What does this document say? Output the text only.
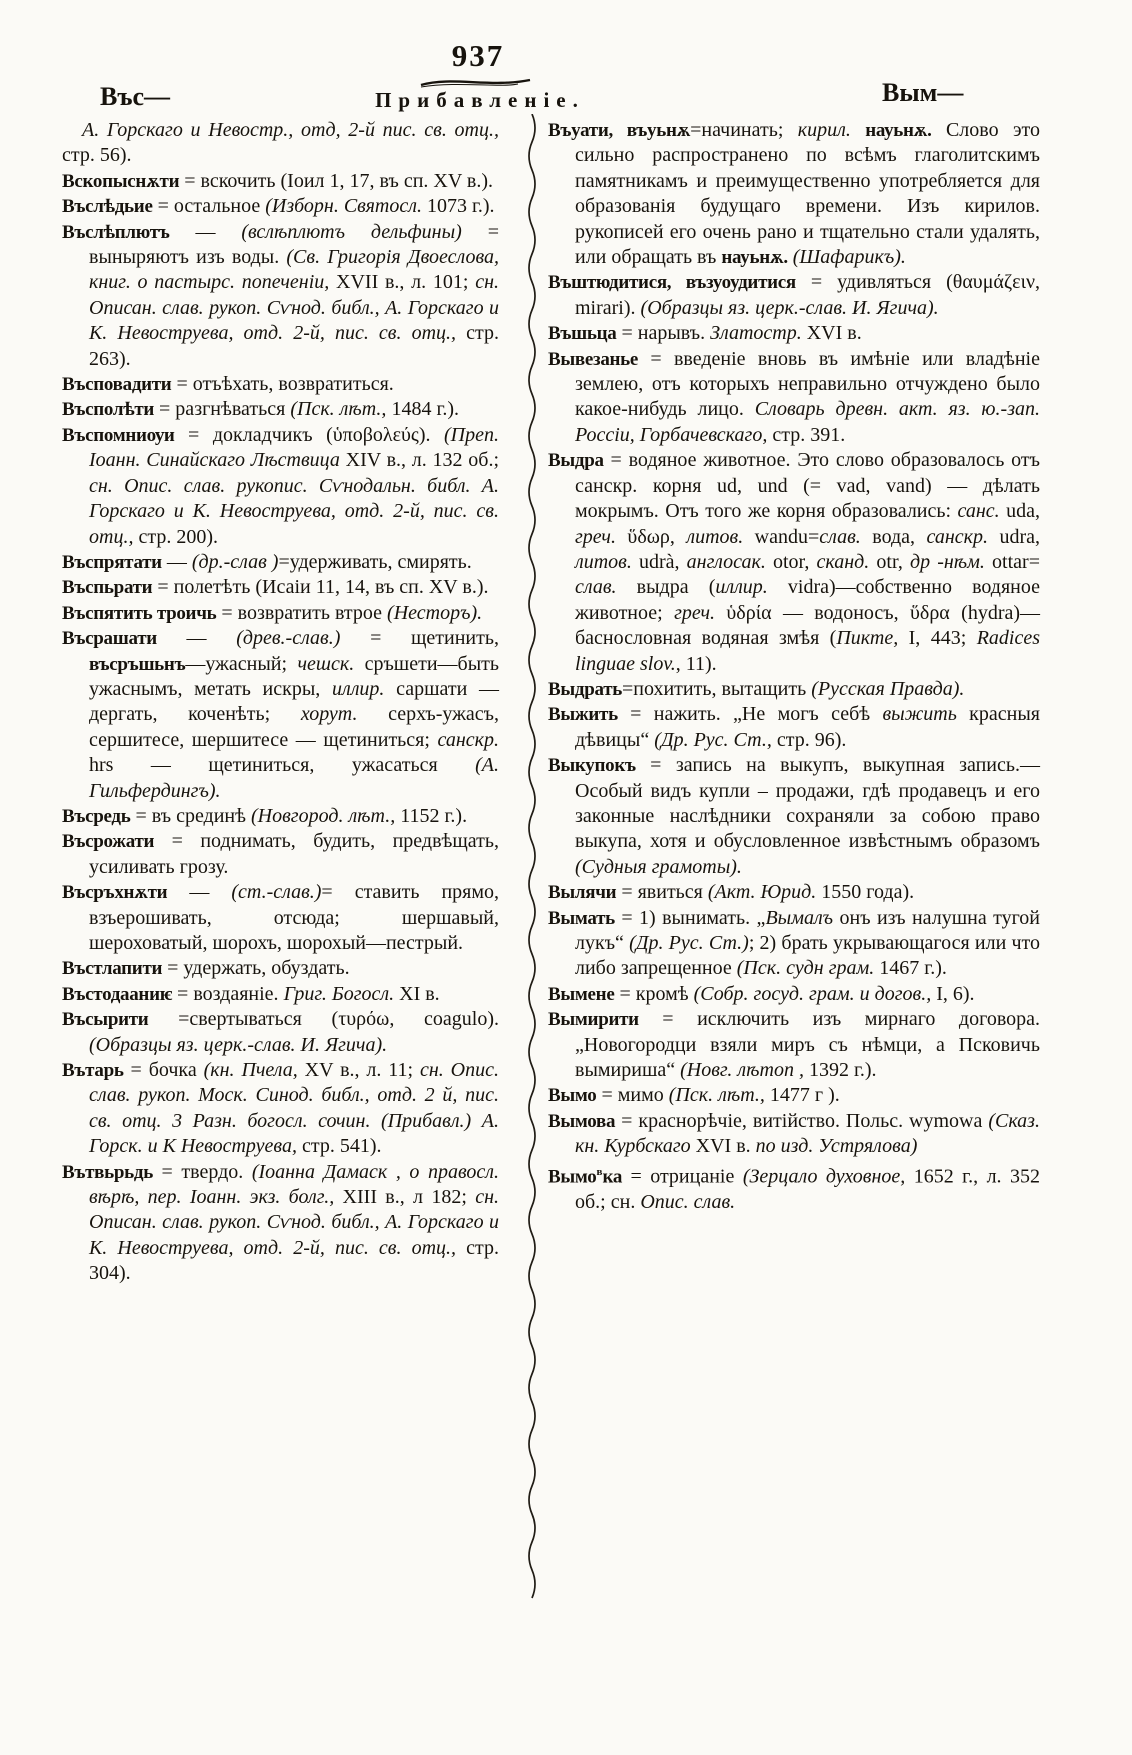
937
Въс—	Прибавленіе.	Вым—
А. Горскаго и Невостр., отд, 2-й пис. св. отц., стр. 56).
Вскопыснѫти = вскочить (Іоил 1, 17, въ сп. XV в.).
Въслѣдьие = остальное (Изборн. Святосл. 1073 г.).
Въслѣплютъ — (вслѣплютъ дельфины) = выныряютъ изъ воды. (Св. Григорія Двоеслова, книг. о пастырс. попеченіи, XVII в., л. 101; сн. Описан. слав. рукоп. Сѵнод. библ., А. Горскаго и К. Невоструева, отд. 2-й, пис. св. отц., стр. 263).
Въсповадити = отъѣхать, возвратиться.
Въсполѣти = разгнѣваться (Пск. лѣт., 1484 г.).
Въспомниѹи = докладчикъ (ὑποβολεύς). (Преп. Іоанн. Синайскаго Лѣствица XIV в., л. 132 об.; сн. Опис. слав. рукопис. Сѵнодальн. библ. А. Горскаго и К. Невоструева, отд. 2-й, пис. св. отц., стр. 200).
Въспрятати — (др.-слав )=удерживать, смирять.
Въспьрати = полетѣть (Исаіи 11, 14, въ сп. XV в.).
Въспятить троичь = возвратить втрое (Несторъ).
Въсрашати — (древ.-слав.) = щетинить, въсръшьнъ—ужасный; чешск. сръшети—быть ужаснымъ, метать искры, иллир. саршати — дергать, коченѣть; хорут. серхъ-ужасъ, сершитесе, шершитесе — щетиниться; санскр. hrs — щетиниться, ужасаться (А. Гильфердингъ).
Въсредь = въ срединѣ (Новгород. лѣт., 1152 г.).
Въсрожати = поднимать, будить, предвѣщать, усиливать грозу.
Въсръхнѫти — (ст.-слав.)= ставить прямо, взъерошивать, отсюда; шершавый, шероховатый, шорохъ, шорохый—пестрый.
Въстлапити = удержать, обуздать.
Въстодааниѥ = воздаяніе. Григ. Богосл. XI в.
Въсырити =свертываться (τυρόω, coagulo). (Образцы яз. церк.-слав. И. Ягича).
Вътарь = бочка (кн. Пчела, XV в., л. 11; сн. Опис. слав. рукоп. Моск. Синод. библ., отд. 2 й, пис. св. отц. 3 Разн. богосл. сочин. (Прибавл.) А. Горск. и К Невоструева, стр. 541).
Вътвьрьдь = твердо. (Іоанна Дамаск , о правосл. вѣрѣ, пер. Іоанн. экз. болг., XIII в., л 182; сн. Описан. слав. рукоп. Сѵнод. библ., А. Горскаго и К. Невоструева, отд. 2-й, пис. св. отц., стр. 304).
Въуати, въуьнѫ=начинать; кирил. науьнѫ. Слово это сильно распространено по всѣмъ глаголитскимъ памятникамъ и преимущественно употребляется для образованія будущаго времени. Изъ кирилов. рукописей его очень рано и тщательно стали удалять, или обращать въ науьнѫ. (Шафарикъ).
Въштюдитися, възуоудитися = удивляться (θαυμάζειν, mirari). (Образцы яз. церк.-слав. И. Ягича).
Въшьца = нарывъ. Златостр. XVI в.
Вывезанье = введеніе вновь въ имѣніе или владѣніе землею, отъ которыхъ неправильно отчуждено было какое-нибудь лицо. Словарь древн. акт. яз. ю.-зап. Россіи, Горбачевскаго, стр. 391.
Выдра = водяное животное. Это слово образовалось отъ санскр. корня ud, und (= vad, vand) — дѣлать мокрымъ. Отъ того же корня образовались: санс. uda, греч. ὕδωρ, литов. wandu=слав. вода, санскр. udra, литов. udrà, англосак. otor, сканд. otr, др -нѣм. ottar= слав. выдра (иллир. vidra)—собственно водяное животное; греч. ὑδρία — водоносъ, ὕδρα (hydra)—баснословная водяная змѣя (Пикте, I, 443; Radices linguae slov., 11).
Выдрать=похитить, вытащить (Русская Правда).
Выжить = нажить. „Не могъ себѣ выжить красныя дѣвицы“ (Др. Рус. Ст., стр. 96).
Выкупокъ = запись на выкупъ, выкупная запись.—Особый видъ купли – продажи, гдѣ продавецъ и его законные наслѣдники сохраняли за собою право выкупа, хотя и обусловленное извѣстнымъ образомъ (Судныя грамоты).
Вылячи = явиться (Акт. Юрид. 1550 года).
Вымать = 1) вынимать. „Вымалъ онъ изъ налушна тугой лукъ“ (Др. Рус. Ст.); 2) брать укрывающагося или что либо запрещенное (Пск. судн грам. 1467 г.).
Вымене = кромѣ (Собр. госуд. грам. и догов., I, 6).
Вымирити = исключить изъ мирнаго договора. „Новогородци взяли миръ съ нѣмци, а Псковичь вымириша“ (Новг. лѣтоп , 1392 г.).
Вымо = мимо (Пск. лѣт., 1477 г ).
Вымова = краснорѣчіе, витійство. Польс. wymowa (Сказ. кн. Курбскаго XVI в. по изд. Устрялова)
Вымо$^в$ка = отрицаніе (Зерцало духовное, 1652 г., л. 352 об.; сн. Опис. слав.
